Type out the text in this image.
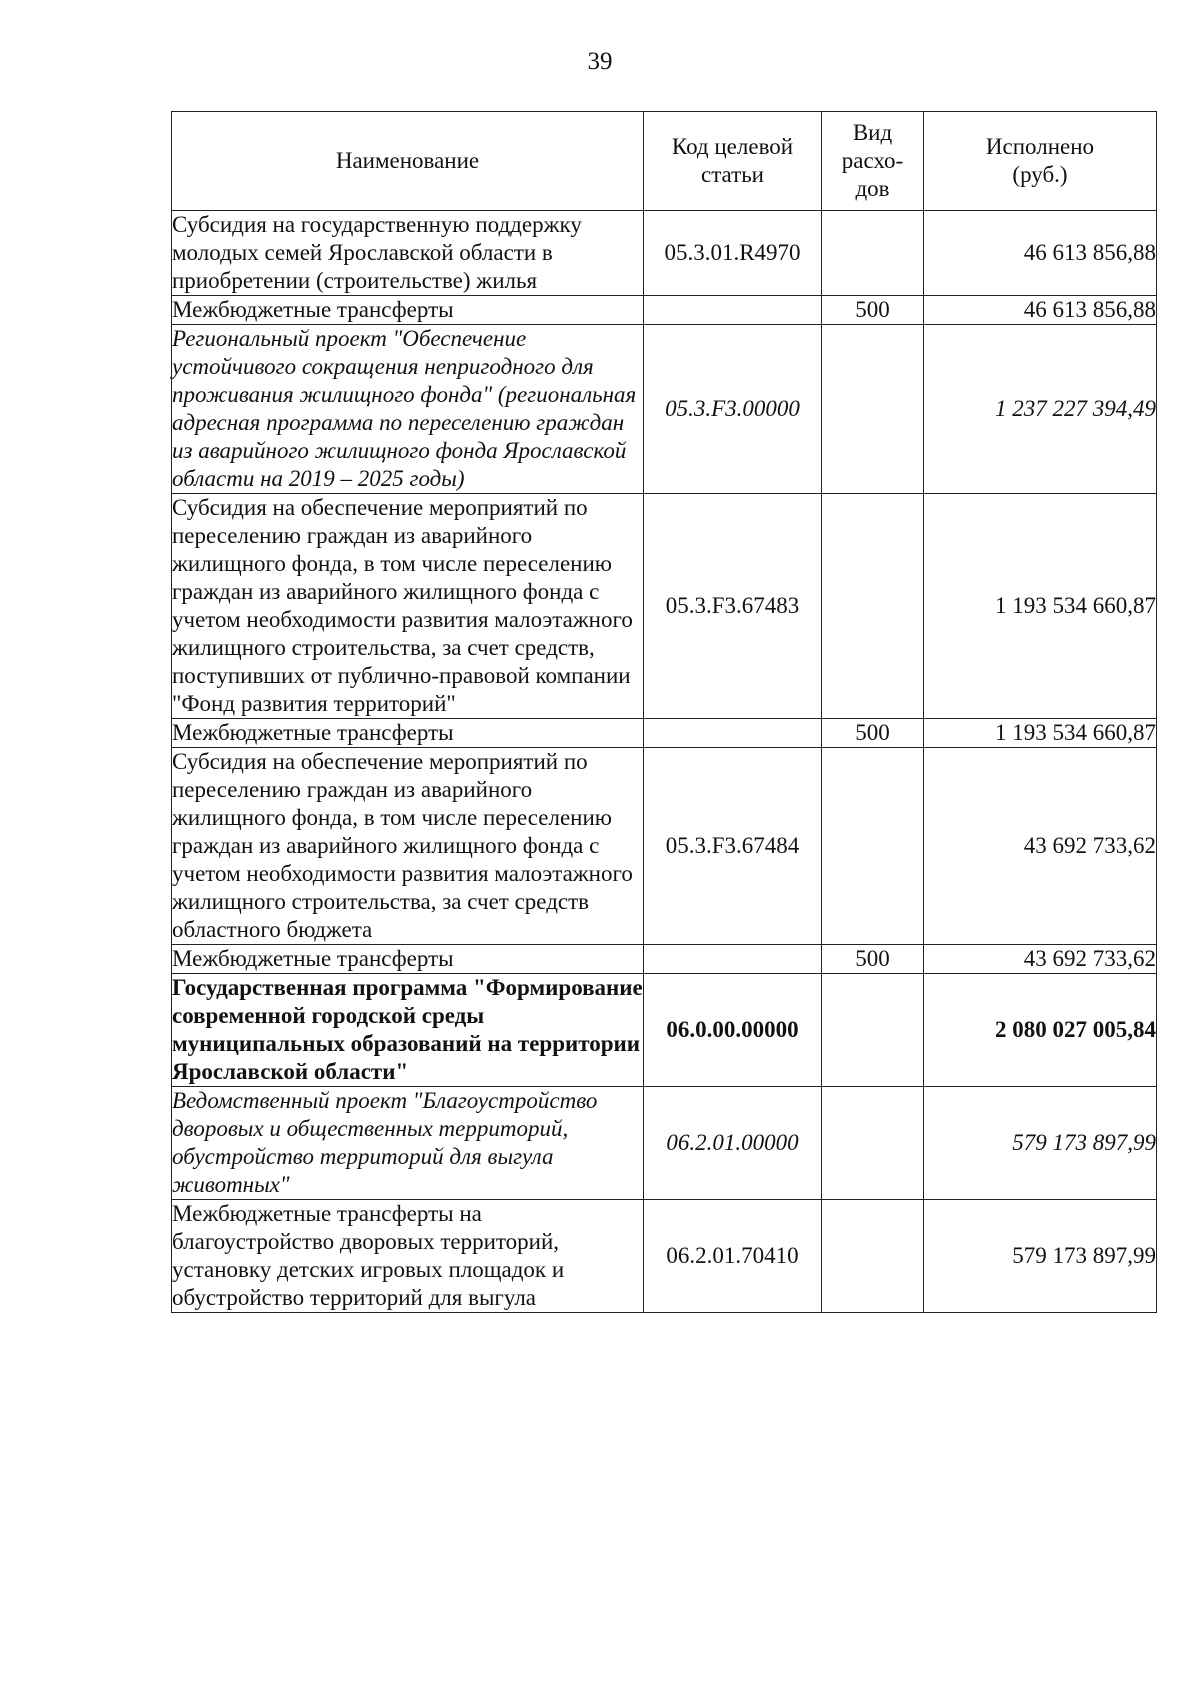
39
Наименование	Код целевой статьи	Вид расхо-дов	Исполнено (руб.)
Субсидия на государственную поддержку молодых семей Ярославской области в приобретении (строительстве) жилья	05.3.01.R4970		46 613 856,88
Межбюджетные трансферты		500	46 613 856,88
Региональный проект "Обеспечение устойчивого сокращения непригодного для проживания жилищного фонда" (региональная адресная программа по переселению граждан из аварийного жилищного фонда Ярославской области на 2019 – 2025 годы)	05.3.F3.00000		1 237 227 394,49
Субсидия на обеспечение мероприятий по переселению граждан из аварийного жилищного фонда, в том числе переселению граждан из аварийного жилищного фонда с учетом необходимости развития малоэтажного жилищного строительства, за счет средств, поступивших от публично-правовой компании "Фонд развития территорий"	05.3.F3.67483		1 193 534 660,87
Межбюджетные трансферты		500	1 193 534 660,87
Субсидия на обеспечение мероприятий по переселению граждан из аварийного жилищного фонда, в том числе переселению граждан из аварийного жилищного фонда с учетом необходимости развития малоэтажного жилищного строительства, за счет средств областного бюджета	05.3.F3.67484		43 692 733,62
Межбюджетные трансферты		500	43 692 733,62
Государственная программа "Формирование современной городской среды муниципальных образований на территории Ярославской области"	06.0.00.00000		2 080 027 005,84
Ведомственный проект "Благоустройство дворовых и общественных территорий, обустройство территорий для выгула животных"	06.2.01.00000		579 173 897,99
Межбюджетные трансферты на благоустройство дворовых территорий, установку детских игровых площадок и обустройство территорий для выгула	06.2.01.70410		579 173 897,99
